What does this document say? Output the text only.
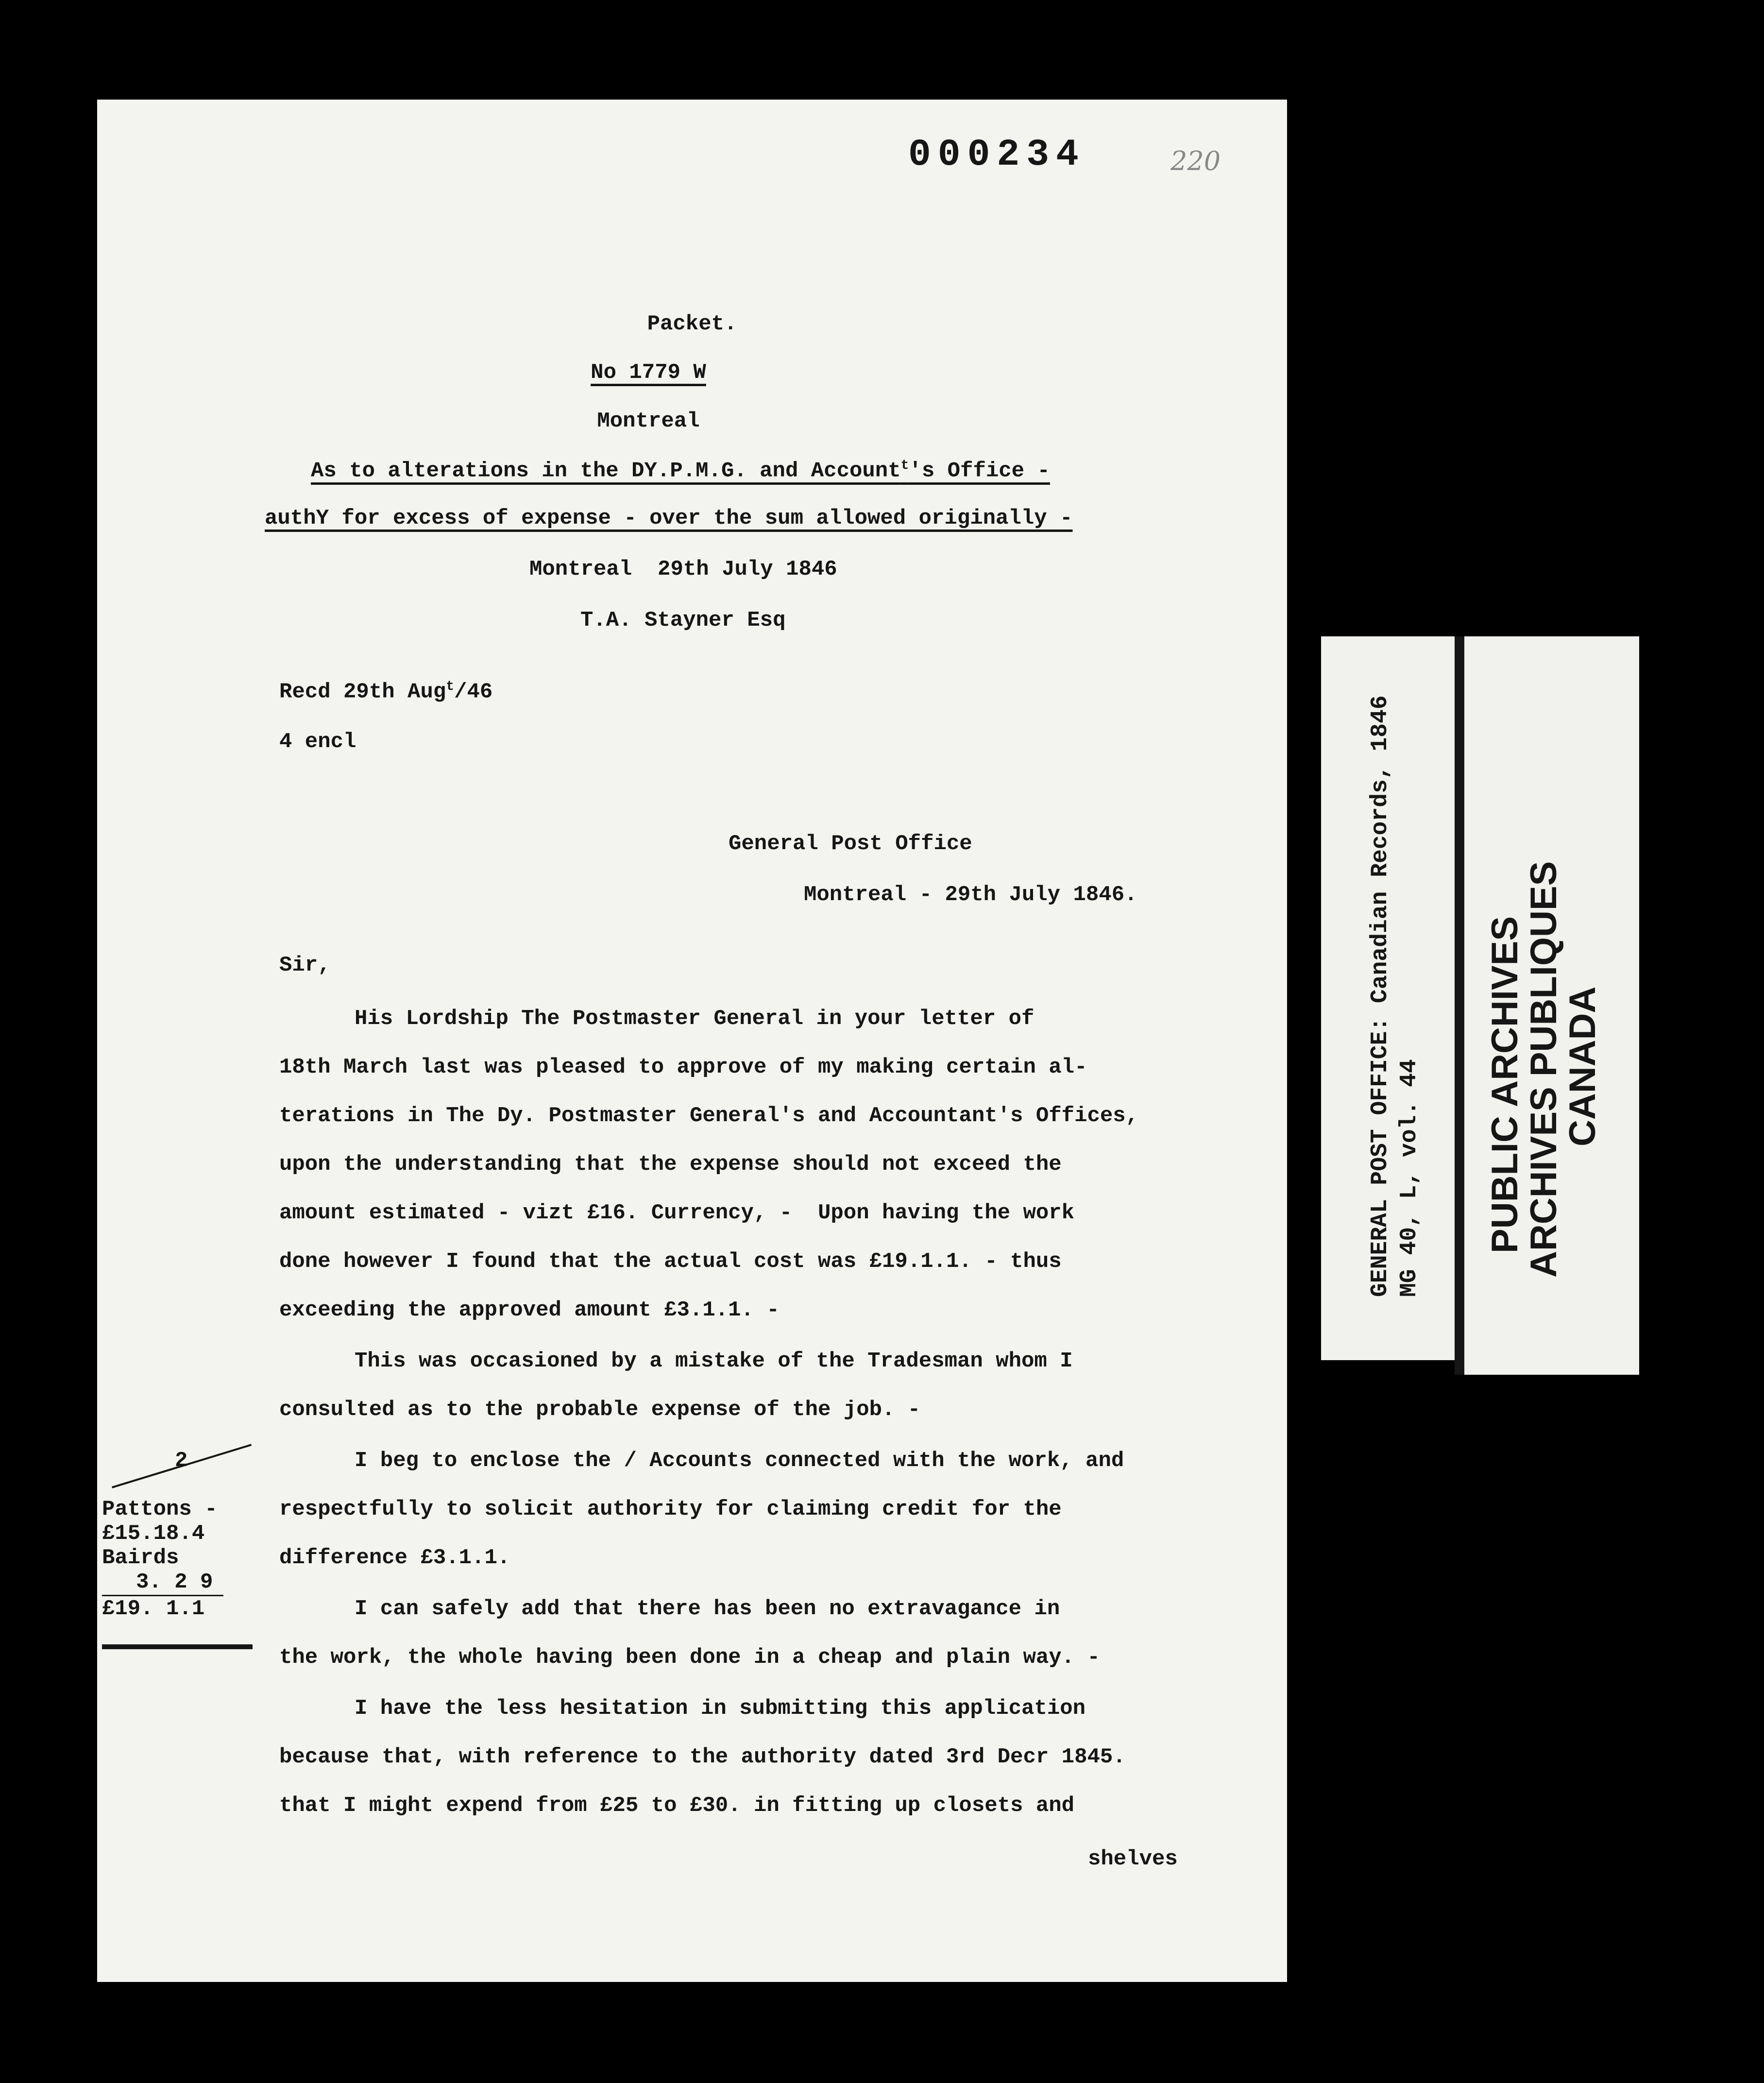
000234	220
Packet.
No 1779 W
Montreal
As to alterations in the DY.P.M.G. and Account$^t$'s Office -
authY for excess of expense - over the sum allowed originally -
Montreal  29th July 1846
T.A. Stayner Esq
Recd 29th Aug$^t$/46
4 encl
General Post Office
Montreal - 29th July 1846.
Sir,
His Lordship The Postmaster General in your letter of
18th March last was pleased to approve of my making certain al-
terations in The Dy. Postmaster General's and Accountant's Offices,
upon the understanding that the expense should not exceed the
amount estimated - vizt £16. Currency, -  Upon having the work
done however I found that the actual cost was £19.1.1. - thus
exceeding the approved amount £3.1.1. -
This was occasioned by a mistake of the Tradesman whom I
consulted as to the probable expense of the job. -
I beg to enclose the / Accounts connected with the work, and
respectfully to solicit authority for claiming credit for the
difference £3.1.1.
I can safely add that there has been no extravagance in
the work, the whole having been done in a cheap and plain way. -
I have the less hesitation in submitting this application
because that, with reference to the authority dated 3rd Decr 1845.
that I might expend from £25 to £30. in fitting up closets and
shelves
2
Pattons -
£15.18.4
Bairds
3. 2 9
£19. 1.1
GENERAL POST OFFICE: Canadian Records, 1846 MG 40, L, vol. 44 PUBLIC ARCHIVES
ARCHIVES PUBLIQUES
CANADA
